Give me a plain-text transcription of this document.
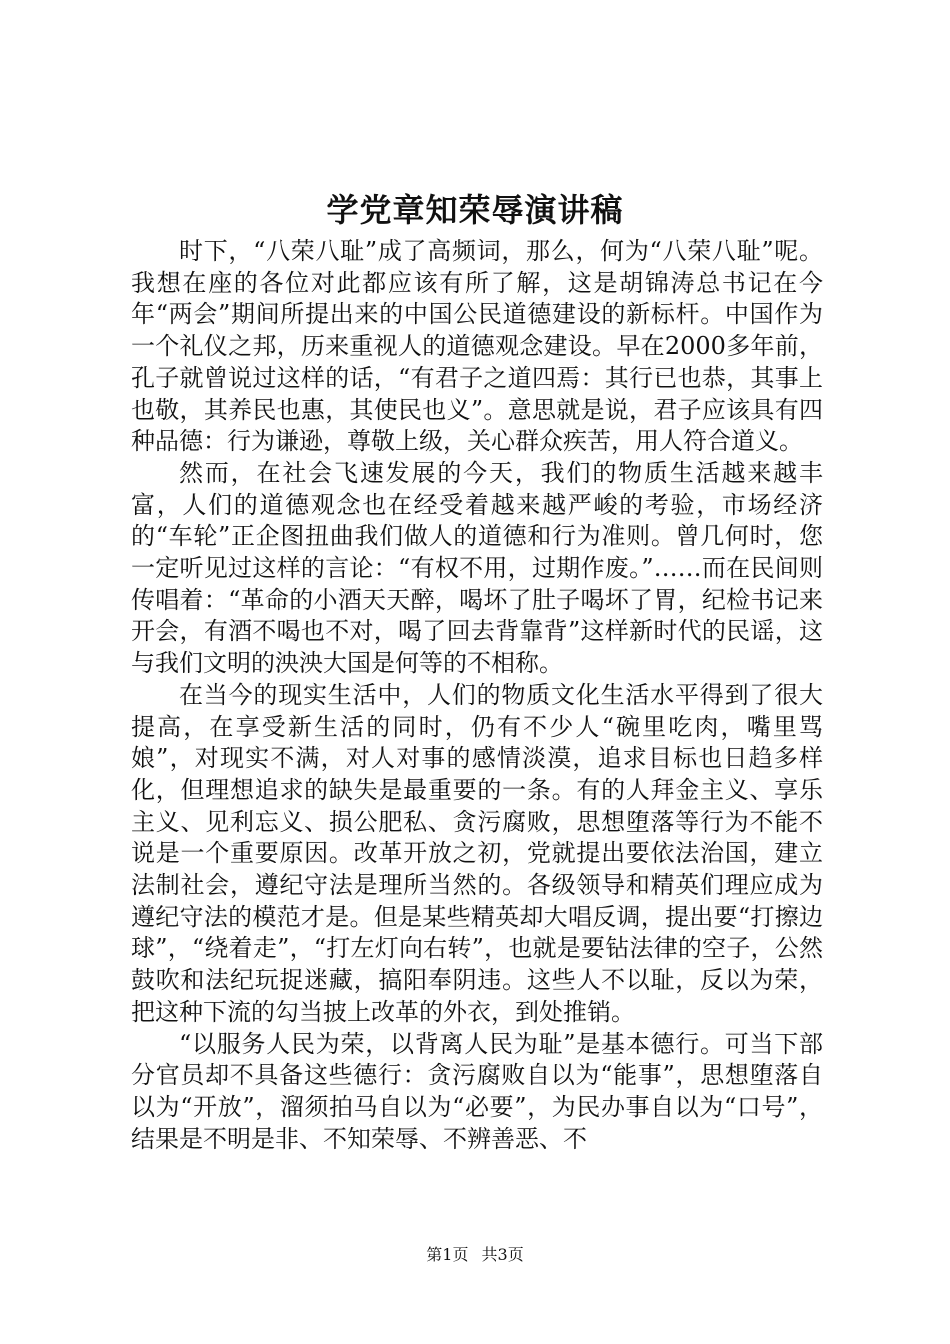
学党章知荣辱演讲稿

时下，“八荣八耻”成了高频词，那么，何为“八荣八耻”呢。我想在座的各位对此都应该有所了解，这是胡锦涛总书记在今年“两会”期间所提出来的中国公民道德建设的新标杆。中国作为一个礼仪之邦，历来重视人的道德观念建设。早在2000多年前，孔子就曾说过这样的话，“有君子之道四焉：其行已也恭，其事上也敬，其养民也惠，其使民也义”。意思就是说，君子应该具有四种品德：行为谦逊，尊敬上级，关心群众疾苦，用人符合道义。

然而，在社会飞速发展的今天，我们的物质生活越来越丰富，人们的道德观念也在经受着越来越严峻的考验，市场经济的“车轮”正企图扭曲我们做人的道德和行为准则。曾几何时，您一定听见过这样的言论：“有权不用，过期作废。”……而在民间则传唱着：“革命的小酒天天醉，喝坏了肚子喝坏了胃，纪检书记来开会，有酒不喝也不对，喝了回去背靠背”这样新时代的民谣，这与我们文明的泱泱大国是何等的不相称。

在当今的现实生活中，人们的物质文化生活水平得到了很大提高，在享受新生活的同时，仍有不少人“碗里吃肉，嘴里骂娘”，对现实不满，对人对事的感情淡漠，追求目标也日趋多样化，但理想追求的缺失是最重要的一条。有的人拜金主义、享乐主义、见利忘义、损公肥私、贪污腐败，思想堕落等行为不能不说是一个重要原因。改革开放之初，党就提出要依法治国，建立法制社会，遵纪守法是理所当然的。各级领导和精英们理应成为遵纪守法的模范才是。但是某些精英却大唱反调，提出要“打擦边球”，“绕着走”，“打左灯向右转”，也就是要钻法律的空子，公然鼓吹和法纪玩捉迷藏，搞阳奉阴违。这些人不以耻，反以为荣，把这种下流的勾当披上改革的外衣，到处推销。

“以服务人民为荣，以背离人民为耻”是基本德行。可当下部分官员却不具备这些德行：贪污腐败自以为“能事”，思想堕落自以为“开放”，溜须拍马自以为“必要”，为民办事自以为“口号”，结果是不明是非、不知荣辱、不辨善恶、不

第1页 共3页
